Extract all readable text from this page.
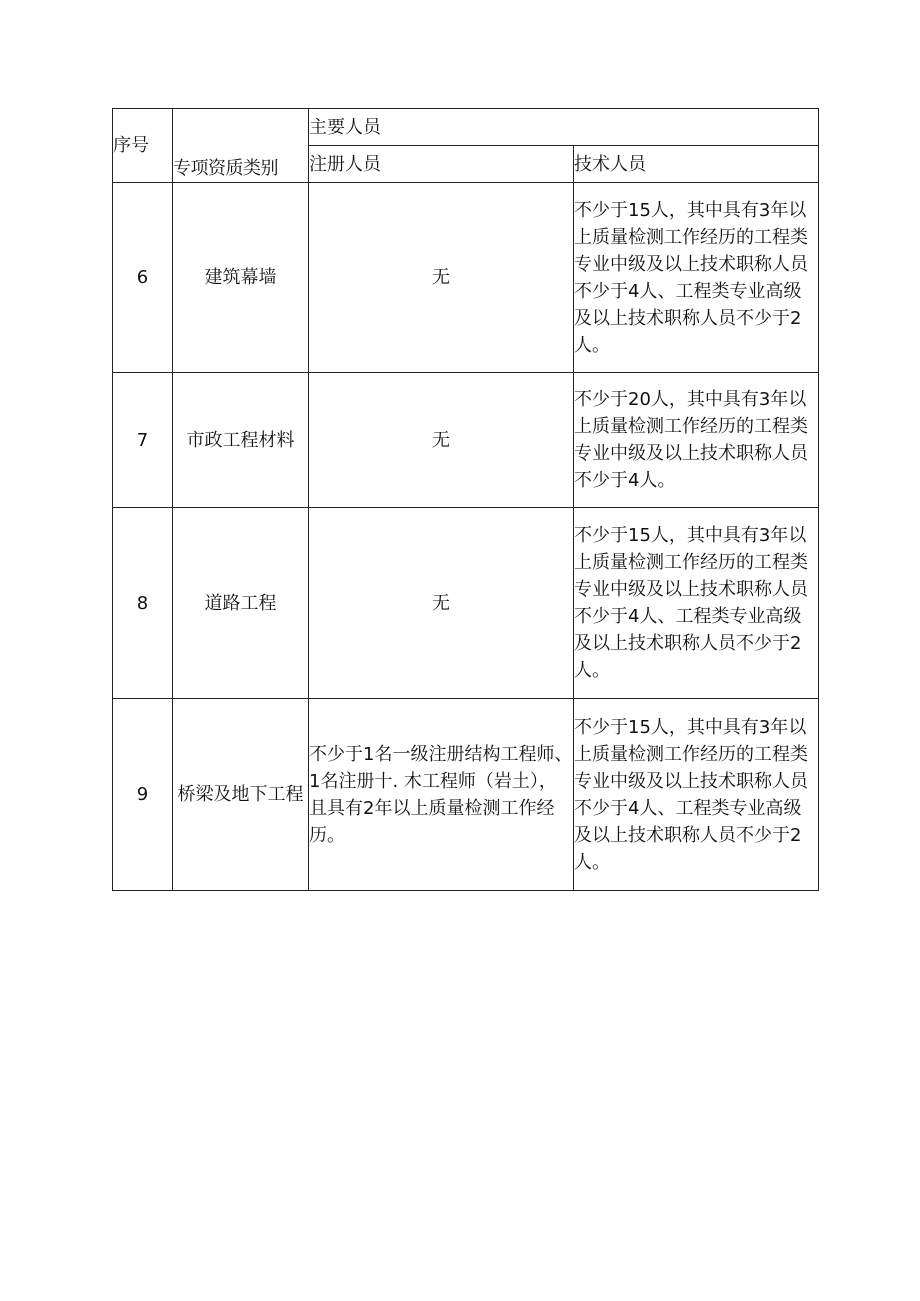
序号	专项资质类别	主要人员	
		注册人员	技术人员
6	建筑幕墙	无	不少于15人，其中具有3年以上质量检测工作经历的工程类专业中级及以上技术职称人员不少于4人、工程类专业高级及以上技术职称人员不少于2人。
7	市政工程材料	无	不少于20人，其中具有3年以上质量检测工作经历的工程类专业中级及以上技术职称人员不少于4人。
8	道路工程	无	不少于15人，其中具有3年以上质量检测工作经历的工程类专业中级及以上技术职称人员不少于4人、工程类专业高级及以上技术职称人员不少于2人。
9	桥梁及地下工程	不少于1名一级注册结构工程师、1名注册十. 木工程师（岩土），且具有2年以上质量检测工作经历。	不少于15人，其中具有3年以上质量检测工作经历的工程类专业中级及以上技术职称人员不少于4人、工程类专业高级及以上技术职称人员不少于2人。
